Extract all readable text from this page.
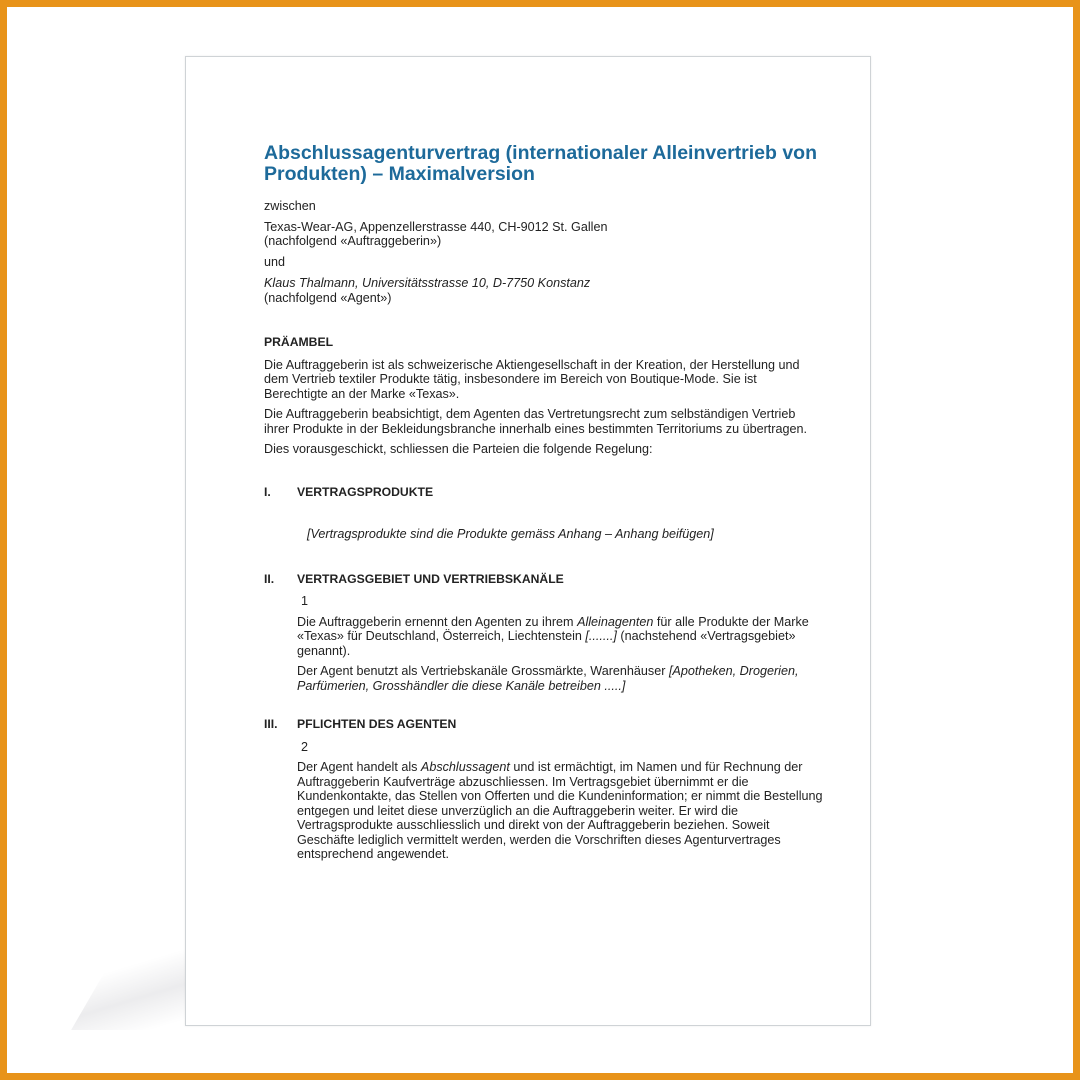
Abschlussagenturvertrag (internationaler Alleinvertrieb von Produkten) – Maximalversion

zwischen

Texas-Wear-AG, Appenzellerstrasse 440, CH-9012 St. Gallen
(nachfolgend «Auftraggeberin»)

und

Klaus Thalmann, Universitätsstrasse 10, D-7750 Konstanz
(nachfolgend «Agent»)

PRÄAMBEL

Die Auftraggeberin ist als schweizerische Aktiengesellschaft in der Kreation, der Herstellung und dem Vertrieb textiler Produkte tätig, insbesondere im Bereich von Boutique-Mode. Sie ist Berechtigte an der Marke «Texas».

Die Auftraggeberin beabsichtigt, dem Agenten das Vertretungsrecht zum selbständigen Vertrieb ihrer Produkte in der Bekleidungsbranche innerhalb eines bestimmten Territoriums zu übertragen.

Dies vorausgeschickt, schliessen die Parteien die folgende Regelung:

I.	VERTRAGSPRODUKTE

[Vertragsprodukte sind die Produkte gemäss Anhang – Anhang beifügen]

II.	VERTRAGSGEBIET UND VERTRIEBSKANÄLE
1

Die Auftraggeberin ernennt den Agenten zu ihrem Alleinagenten für alle Produkte der Marke «Texas» für Deutschland, Österreich, Liechtenstein [.......] (nachstehend «Vertragsgebiet» genannt).

Der Agent benutzt als Vertriebskanäle Grossmärkte, Warenhäuser [Apotheken, Drogerien, Parfümerien, Grosshändler die diese Kanäle betreiben .....]

III.	PFLICHTEN DES AGENTEN
2

Der Agent handelt als Abschlussagent und ist ermächtigt, im Namen und für Rechnung der Auftraggeberin Kaufverträge abzuschliessen. Im Vertragsgebiet übernimmt er die Kundenkontakte, das Stellen von Offerten und die Kundeninformation; er nimmt die Bestellung entgegen und leitet diese unverzüglich an die Auftraggeberin weiter. Er wird die Vertragsprodukte ausschliesslich und direkt von der Auftraggeberin beziehen. Soweit Geschäfte lediglich vermittelt werden, werden die Vorschriften dieses Agenturvertrages entsprechend angewendet.
